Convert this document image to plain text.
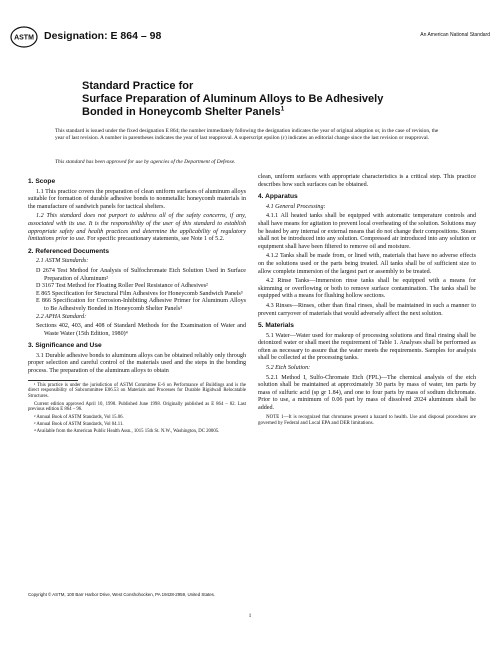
ASTM Designation: E 864 – 98	An American National Standard
Standard Practice for
Surface Preparation of Aluminum Alloys to Be Adhesively
Bonded in Honeycomb Shelter Panels$^1$
This standard is issued under the fixed designation E 864; the number immediately following the designation indicates the year of original adoption or, in the case of revision, the year of last revision. A number in parentheses indicates the year of last reapproval. A superscript epsilon (ε) indicates an editorial change since the last revision or reapproval.
This standard has been approved for use by agencies of the Department of Defense.
1. Scope

1.1 This practice covers the preparation of clean uniform surfaces of aluminum alloys suitable for formation of durable adhesive bonds to nonmetallic honeycomb materials in the manufacture of sandwich panels for tactical shelters.

1.2 This standard does not purport to address all of the safety concerns, if any, associated with its use. It is the responsibility of the user of this standard to establish appropriate safety and health practices and determine the applicability of regulatory limitations prior to use. For specific precautionary statements, see Note 1 of 5.2.

2. Referenced Documents

2.1 ASTM Standards:

D 2674 Test Method for Analysis of Sulfochromate Etch Solution Used in Surface Preparation of Aluminum²
D 3167 Test Method for Floating Roller Peel Resistance of Adhesives²
E 865 Specification for Structural Film Adhesives for Honeycomb Sandwich Panels³
E 866 Specification for Corrosion-Inhibiting Adhesive Primer for Aluminum Alloys to Be Adhesively Bonded in Honeycomb Shelter Panels³

2.2 APHA Standard:

Sections 402, 403, and 408 of Standard Methods for the Examination of Water and Waste Water (15th Edition, 1980)⁴
3. Significance and Use

3.1 Durable adhesive bonds to aluminum alloys can be obtained reliably only through proper selection and careful control of the materials used and the steps in the bonding process. The preparation of the aluminum alloys to obtain

¹ This practice is under the jurisdiction of ASTM Committee E-6 on Performance of Buildings and is the direct responsibility of Subcommittee E06.53 on Materials and Processes for Durable Rigidwall Relocatable Structures.

Current edition approved April 10, 1998. Published June 1998. Originally published as E 864 – 82. Last previous edition E 864 – 96.

² Annual Book of ASTM Standards, Vol 15.06.

³ Annual Book of ASTM Standards, Vol 04.11.

⁴ Available from the American Public Health Assn., 1015 15th St. N.W., Washington, DC 20005.

clean, uniform surfaces with appropriate characteristics is a critical step. This practice describes how such surfaces can be obtained.

4. Apparatus

4.1 General Processing:

4.1.1 All heated tanks shall be equipped with automatic temperature controls and shall have means for agitation to prevent local overheating of the solution. Solutions may be heated by any internal or external means that do not change their compositions. Steam shall not be introduced into any solution. Compressed air introduced into any solution or equipment shall have been filtered to remove oil and moisture.

4.1.2 Tanks shall be made from, or lined with, materials that have no adverse effects on the solutions used or the parts being treated. All tanks shall be of sufficient size to allow complete immersion of the largest part or assembly to be treated.

4.2 Rinse Tanks—Immersion rinse tanks shall be equipped with a means for skimming or overflowing or both to remove surface contamination. The tanks shall be equipped with a means for flushing hollow sections.

4.3 Rinses—Rinses, other than final rinses, shall be maintained in such a manner to prevent carryover of materials that would adversely affect the next solution.

5. Materials

5.1 Water—Water used for makeup of processing solutions and final rinsing shall be deionized water or shall meet the requirement of Table 1. Analyses shall be performed as often as necessary to assure that the water meets the requirements. Samples for analysis shall be collected at the processing tanks.

5.2 Etch Solution:

5.2.1 Method I, Sulfo-Chromate Etch (FPL)—The chemical analysis of the etch solution shall be maintained at approximately 30 parts by mass of water, ten parts by mass of sulfuric acid (sp gr 1.84), and one to four parts by mass of sodium dichromate. Prior to use, a minimum of 0.06 part by mass of dissolved 2024 aluminum shall be added.

NOTE 1—It is recognized that chromates present a hazard to health. Use and disposal procedures are governed by Federal and Local EPA and DER limitations.

Copyright © ASTM, 100 Barr Harbor Drive, West Conshohocken, PA 19428-2959, United States.
1
